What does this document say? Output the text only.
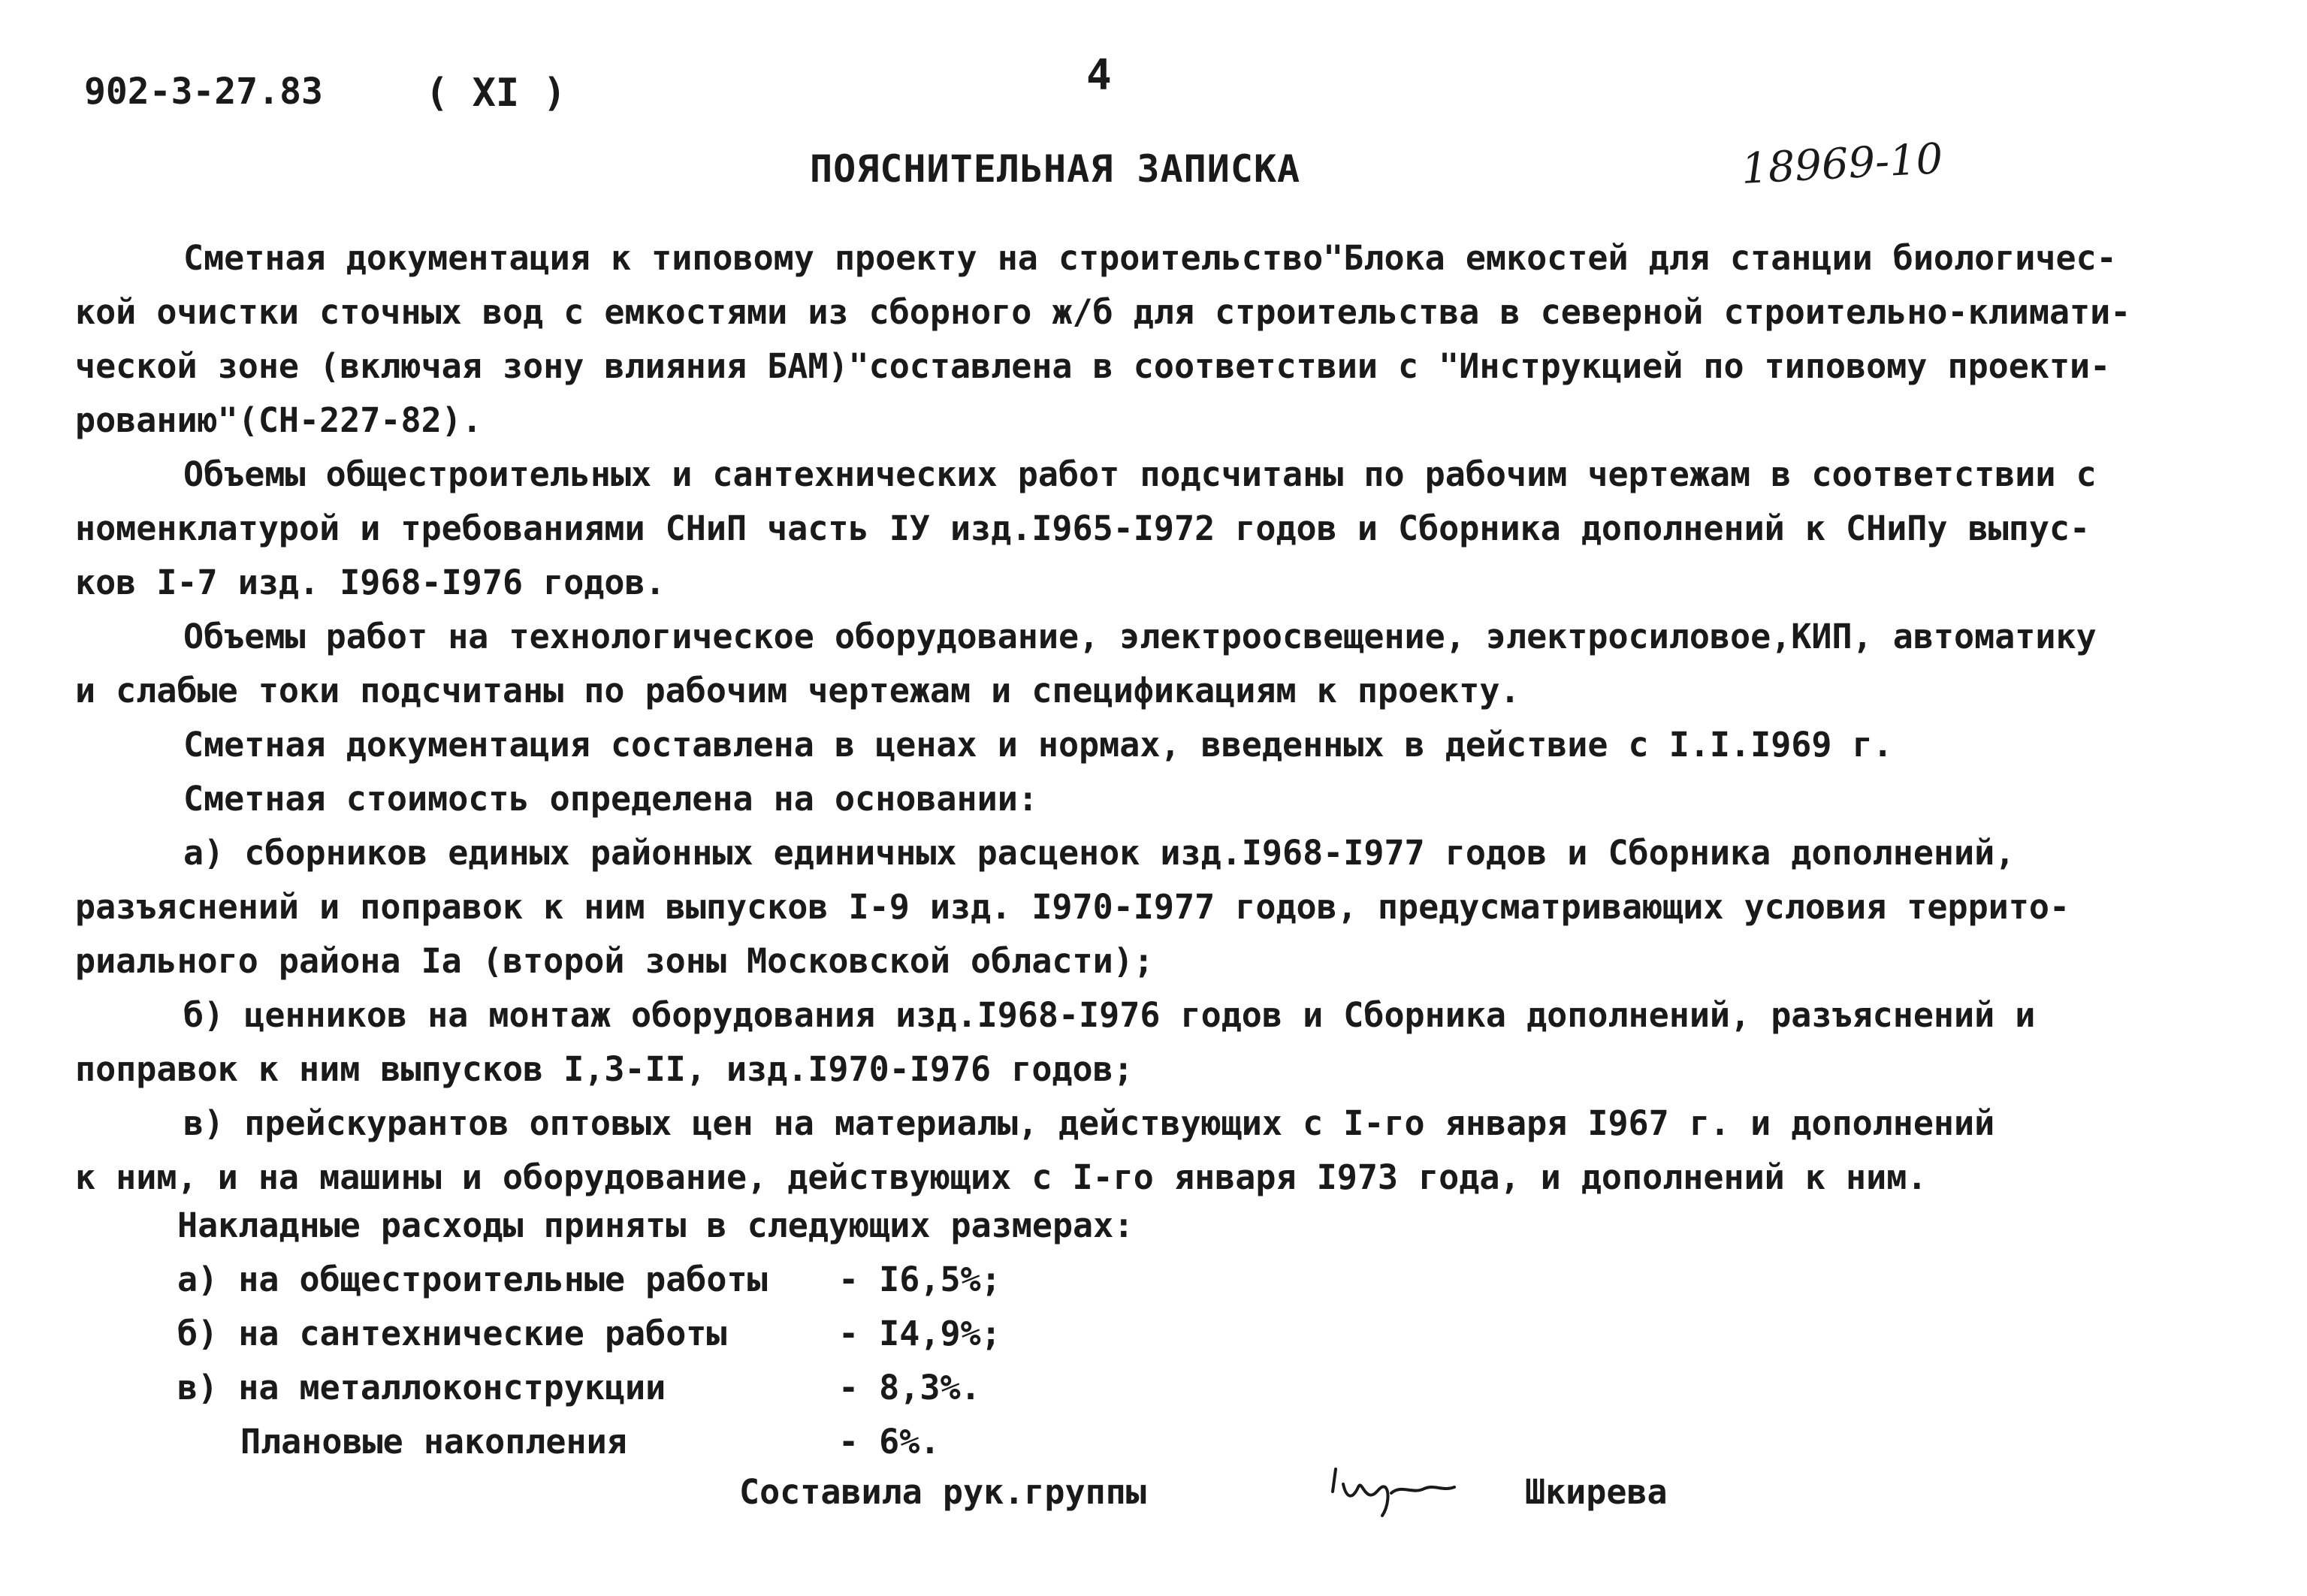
902-3-27.83	( XI )	4
ПОЯСНИТЕЛЬНАЯ ЗАПИСКА	18969-10
Сметная документация к типовому проекту на строительство"Блока емкостей для станции биологичес-
кой очистки сточных вод с емкостями из сборного ж/б для строительства в северной строительно-климати-
ческой зоне (включая зону влияния БАМ)"составлена в соответствии с "Инструкцией по типовому проекти-
рованию"(СН-227-82).
Объемы общестроительных и сантехнических работ подсчитаны по рабочим чертежам в соответствии с
номенклатурой и требованиями СНиП часть IУ изд.I965-I972 годов и Сборника дополнений к СНиПу выпус-
ков I-7 изд. I968-I976 годов.
Объемы работ на технологическое оборудование, электроосвещение, электросиловое,КИП, автоматику
и слабые токи подсчитаны по рабочим чертежам и спецификациям к проекту.
Сметная документация составлена в ценах и нормах, введенных в действие с I.I.I969 г.
Сметная стоимость определена на основании:
а) сборников единых районных единичных расценок изд.I968-I977 годов и Сборника дополнений,
разъяснений и поправок к ним выпусков I-9 изд. I970-I977 годов, предусматривающих условия террито-
риального района Iа (второй зоны Московской области);
б) ценников на монтаж оборудования изд.I968-I976 годов и Сборника дополнений, разъяснений и
поправок к ним выпусков I,3-II, изд.I970-I976 годов;
в) прейскурантов оптовых цен на материалы, действующих с I-го января I967 г. и дополнений
к ним, и на машины и оборудование, действующих с I-го января I973 года, и дополнений к ним.
Накладные расходы приняты в следующих размерах:
а) на общестроительные работы - I6,5%;
б) на сантехнические работы	- I4,9%;
в) на металлоконструкции	- 8,3%.
Плановые накопления	- 6%.
Составила рук.группы	Шкирева
